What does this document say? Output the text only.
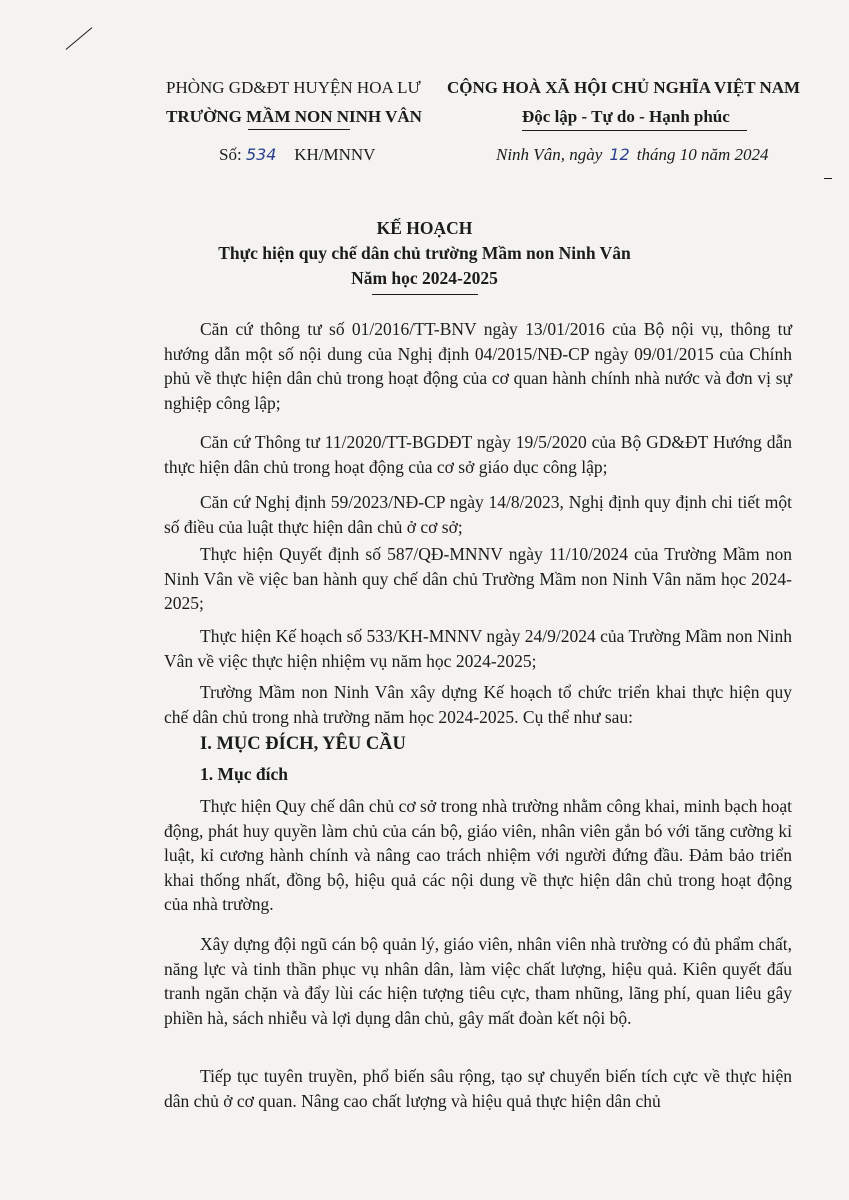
PHÒNG GD&ĐT HUYỆN HOA LƯ
TRƯỜNG MẦM NON NINH VÂN
CỘNG HOÀ XÃ HỘI CHỦ NGHĨA VIỆT NAM
Độc lập - Tự do - Hạnh phúc
Số: 534 KH/MNNV	Ninh Vân, ngày 12 tháng 10 năm 2024
KẾ HOẠCH
Thực hiện quy chế dân chủ trường Mầm non Ninh Vân
Năm học 2024-2025

Căn cứ thông tư số 01/2016/TT-BNV ngày 13/01/2016 của Bộ nội vụ, thông tư hướng dẫn một số nội dung của Nghị định 04/2015/NĐ-CP ngày 09/01/2015 của Chính phủ về thực hiện dân chủ trong hoạt động của cơ quan hành chính nhà nước và đơn vị sự nghiệp công lập;

Căn cứ Thông tư 11/2020/TT-BGDĐT ngày 19/5/2020 của Bộ GD&ĐT Hướng dẫn thực hiện dân chủ trong hoạt động của cơ sở giáo dục công lập;

Căn cứ Nghị định 59/2023/NĐ-CP ngày 14/8/2023, Nghị định quy định chi tiết một số điều của luật thực hiện dân chủ ở cơ sở;

Thực hiện Quyết định số 587/QĐ-MNNV ngày 11/10/2024 của Trường Mầm non Ninh Vân về việc ban hành quy chế dân chủ Trường Mầm non Ninh Vân năm học 2024-2025;

Thực hiện Kế hoạch số 533/KH-MNNV ngày 24/9/2024 của Trường Mầm non Ninh Vân về việc thực hiện nhiệm vụ năm học 2024-2025;

Trường Mầm non Ninh Vân xây dựng Kế hoạch tổ chức triển khai thực hiện quy chế dân chủ trong nhà trường năm học 2024-2025. Cụ thể như sau:

I. MỤC ĐÍCH, YÊU CẦU
1. Mục đích

Thực hiện Quy chế dân chủ cơ sở trong nhà trường nhằm công khai, minh bạch hoạt động, phát huy quyền làm chủ của cán bộ, giáo viên, nhân viên gắn bó với tăng cường kỉ luật, kỉ cương hành chính và nâng cao trách nhiệm với người đứng đầu. Đảm bảo triển khai thống nhất, đồng bộ, hiệu quả các nội dung về thực hiện dân chủ trong hoạt động của nhà trường.

Xây dựng đội ngũ cán bộ quản lý, giáo viên, nhân viên nhà trường có đủ phẩm chất, năng lực và tinh thần phục vụ nhân dân, làm việc chất lượng, hiệu quả. Kiên quyết đấu tranh ngăn chặn và đẩy lùi các hiện tượng tiêu cực, tham nhũng, lãng phí, quan liêu gây phiền hà, sách nhiễu và lợi dụng dân chủ, gây mất đoàn kết nội bộ.

Tiếp tục tuyên truyền, phổ biến sâu rộng, tạo sự chuyển biến tích cực về thực hiện dân chủ ở cơ quan. Nâng cao chất lượng và hiệu quả thực hiện dân chủ
